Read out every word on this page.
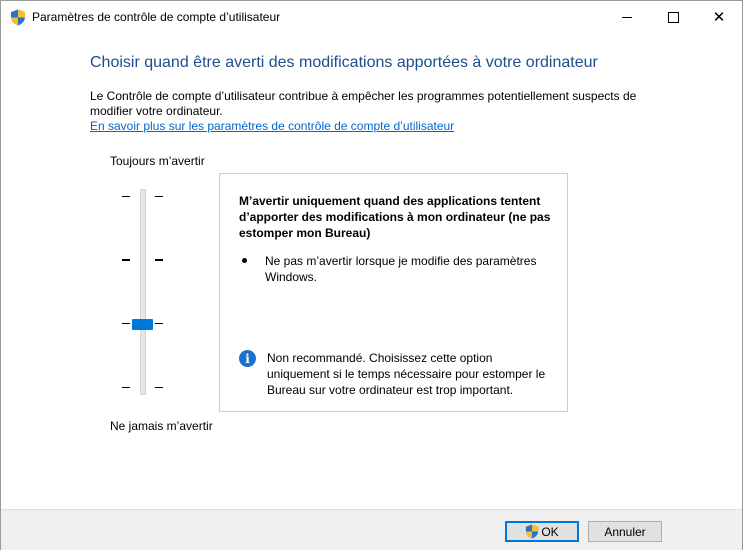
Paramètres de contrôle de compte d’utilisateur	✕
Choisir quand être averti des modifications apportées à votre ordinateur
Le Contrôle de compte d’utilisateur contribue à empêcher les programmes potentiellement suspects de modifier votre ordinateur.
En savoir plus sur les paramètres de contrôle de compte d’utilisateur
Toujours m’avertir
Ne jamais m’avertir
M’avertir uniquement quand des applications tentent d’apporter des modifications à mon ordinateur (ne pas estomper mon Bureau)
Ne pas m’avertir lorsque je modifie des paramètres Windows.
i	Non recommandé. Choisissez cette option uniquement si le temps nécessaire pour estomper le Bureau sur votre ordinateur est trop important.
OK	Annuler
